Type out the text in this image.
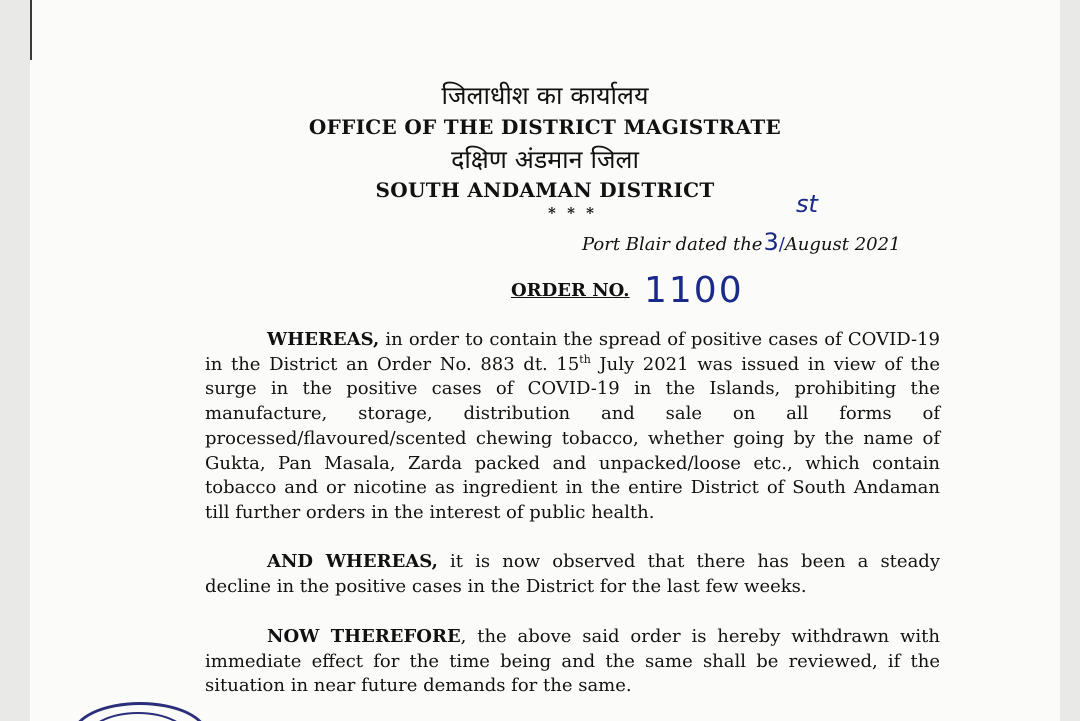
जिलाधीश का कार्यालय
OFFICE OF THE DISTRICT MAGISTRATE
दक्षिण अंडमान जिला
SOUTH ANDAMAN DISTRICT
* * *	st
Port Blair dated the3/August 2021
ORDER NO. 1100
WHEREAS, in order to contain the spread of positive cases of COVID-19 in the District an Order No. 883 dt. 15th July 2021 was issued in view of the surge in the positive cases of COVID-19 in the Islands, prohibiting the manufacture, storage, distribution and sale on all forms of processed/flavoured/scented chewing tobacco, whether going by the name of Gukta, Pan Masala, Zarda packed and unpacked/loose etc., which contain tobacco and or nicotine as ingredient in the entire District of South Andaman till further orders in the interest of public health.
AND WHEREAS, it is now observed that there has been a steady decline in the positive cases in the District for the last few weeks.
NOW THEREFORE, the above said order is hereby withdrawn with immediate effect for the time being and the same shall be reviewed, if the situation in near future demands for the same.
